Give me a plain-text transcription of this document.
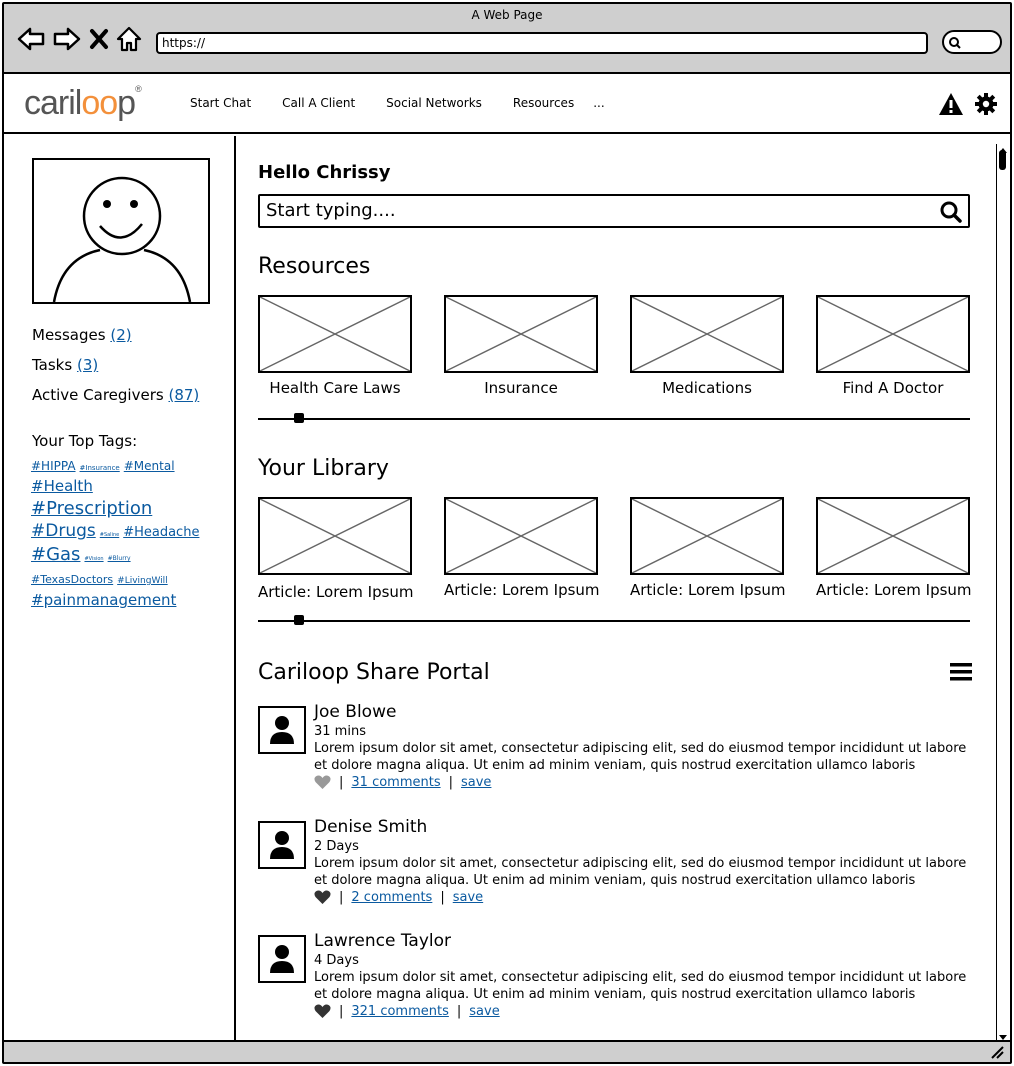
A Web Page
https://
cariloop®
Start Chat	Call A Client	Social Networks	Resources ...
Messages (2)
Tasks (3)
Active Caregivers (87)
Your Top Tags:
#HIPPA #Insurance #Mental
#Health#Prescription
#Drugs #Saline #Headache
#Gas #Vision #Blurry
#TexasDoctors #LivingWill
#painmanagement
Hello Chrissy
Start typing....
Resources
Health Care Laws	Insurance	Medications	Find A Doctor
Your Library
Article: Lorem Ipsum Article: Lorem Ipsum Article: Lorem Ipsum Article: Lorem Ipsum
Cariloop Share Portal
Joe Blowe
31 mins
Lorem ipsum dolor sit amet, consectetur adipiscing elit, sed do eiusmod tempor incididunt ut labore et dolore magna aliqua. Ut enim ad minim veniam, quis nostrud exercitation ullamco laboris
| 31 comments | save
Denise Smith
2 Days
Lorem ipsum dolor sit amet, consectetur adipiscing elit, sed do eiusmod tempor incididunt ut labore et dolore magna aliqua. Ut enim ad minim veniam, quis nostrud exercitation ullamco laboris
| 2 comments | save
Lawrence Taylor
4 Days
Lorem ipsum dolor sit amet, consectetur adipiscing elit, sed do eiusmod tempor incididunt ut labore et dolore magna aliqua. Ut enim ad minim veniam, quis nostrud exercitation ullamco laboris
| 321 comments | save
